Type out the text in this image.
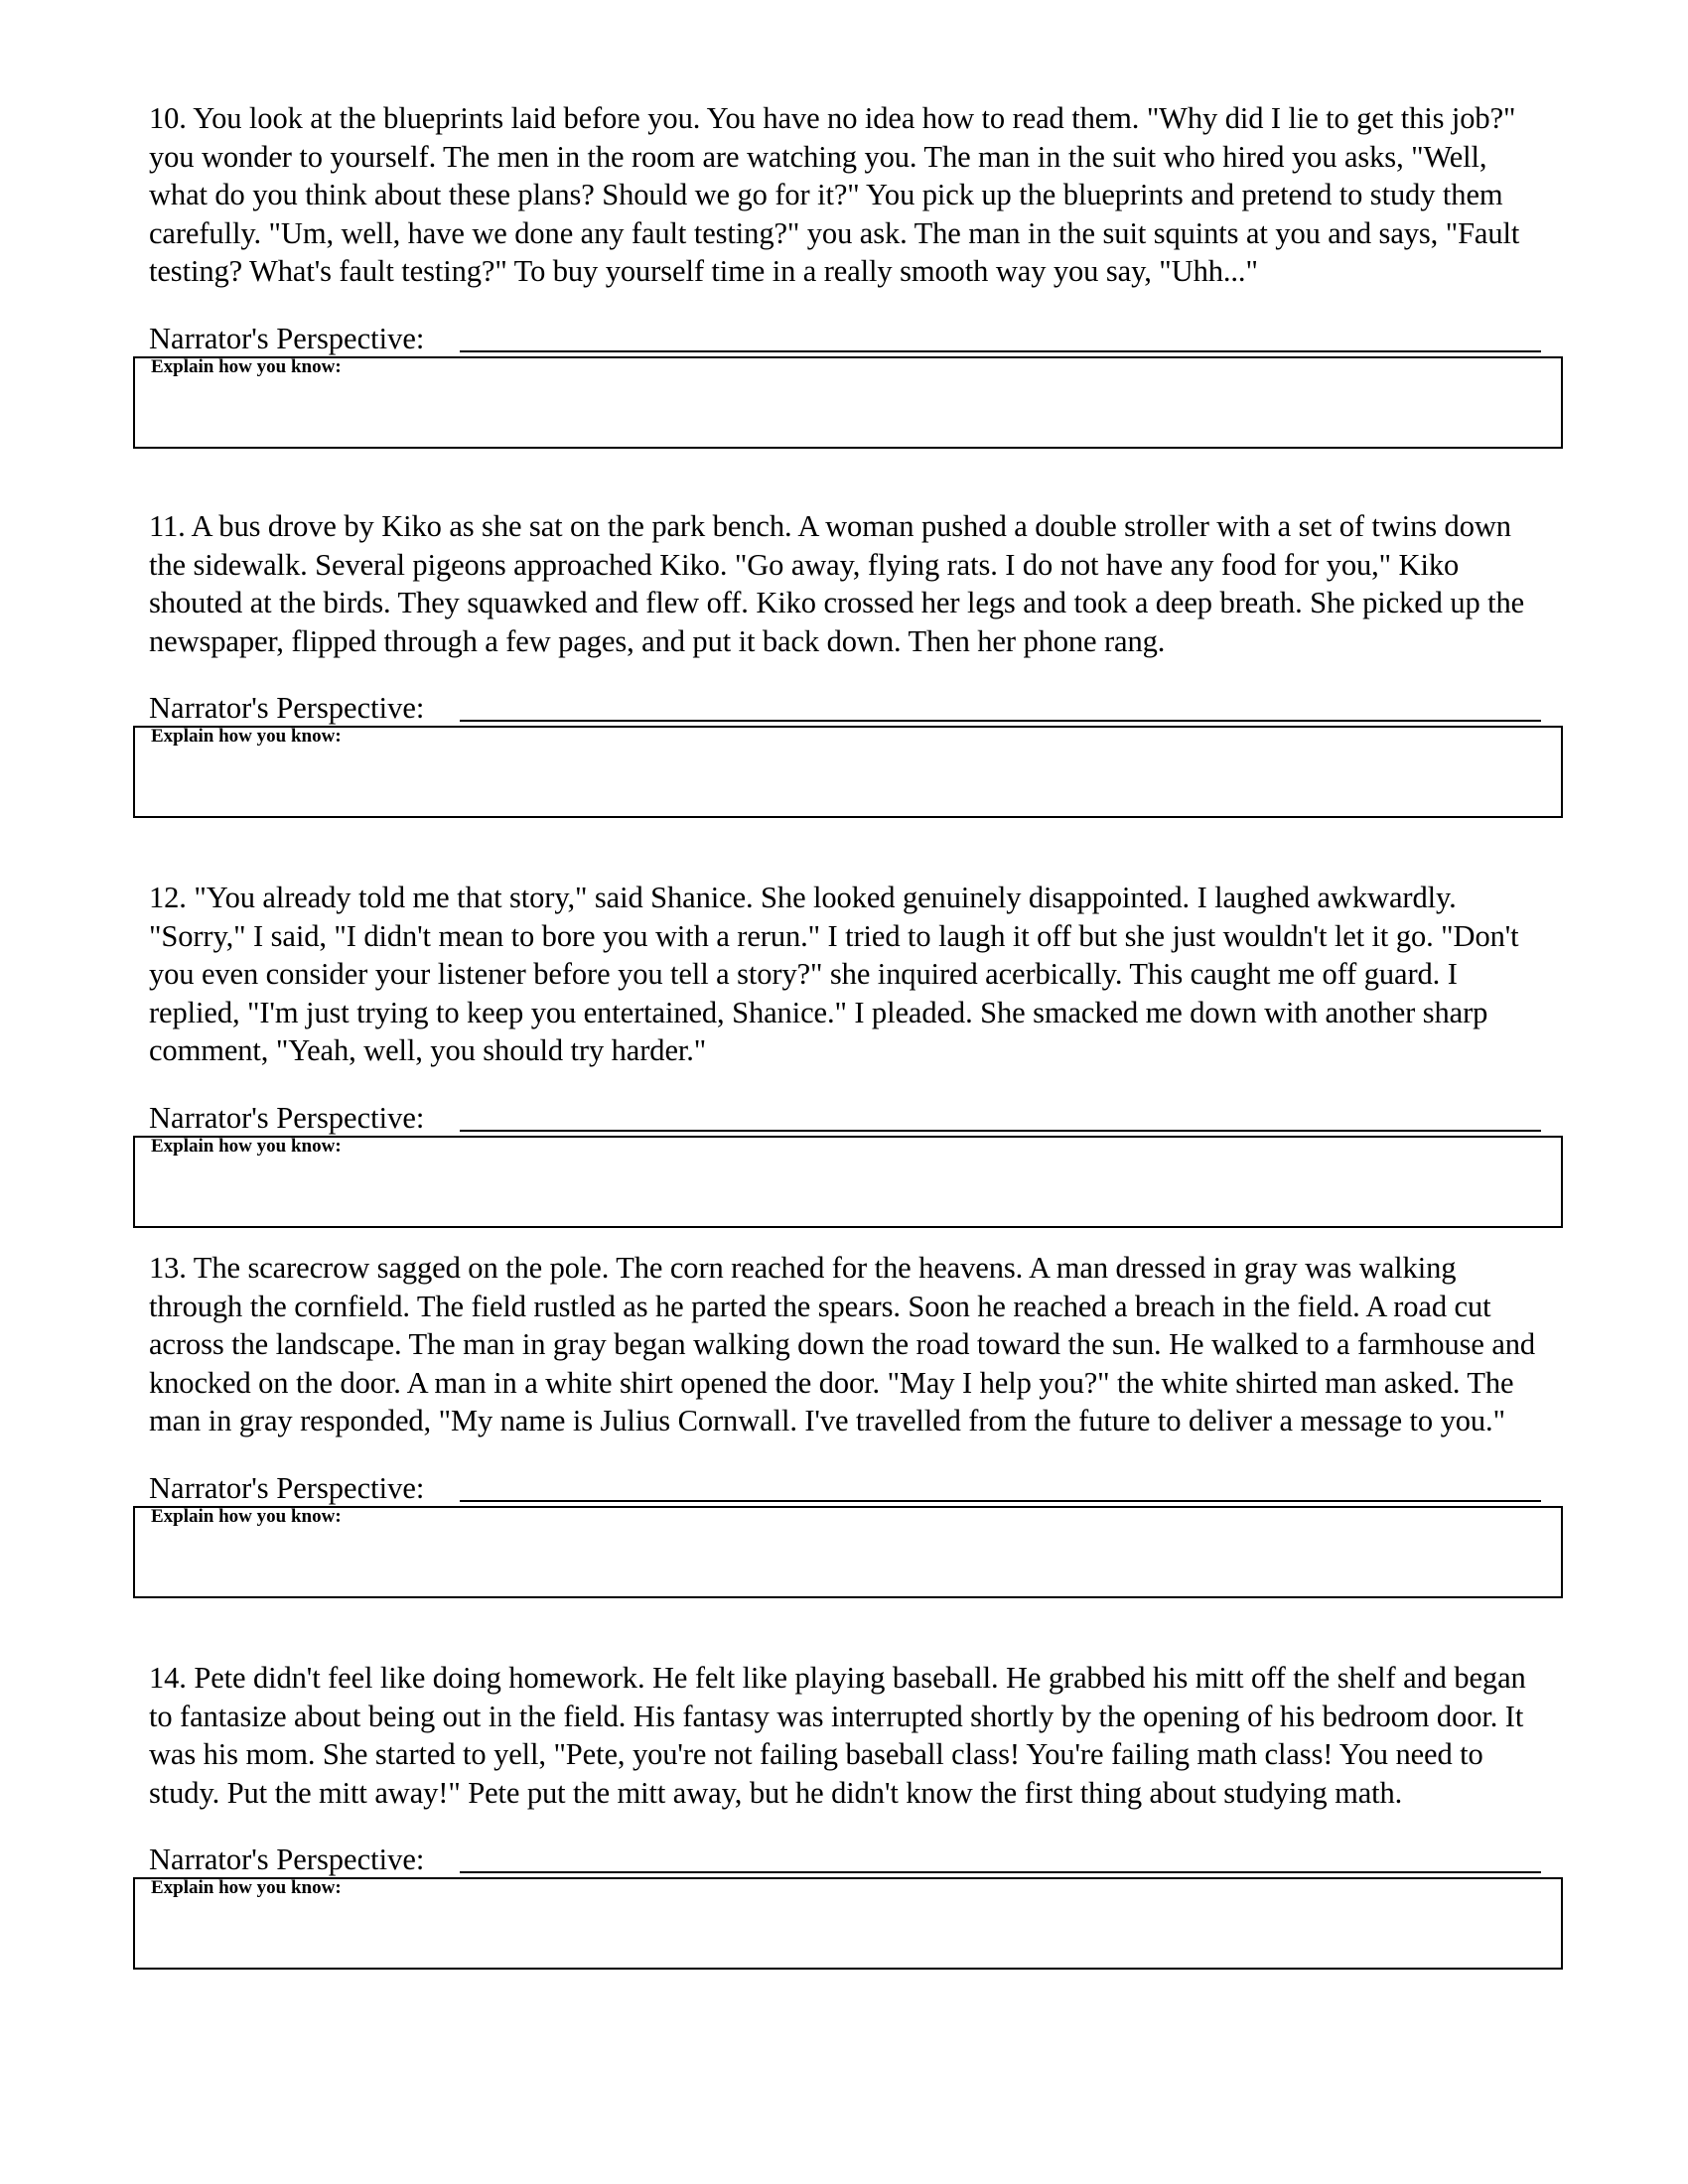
10. You look at the blueprints laid before you. You have no idea how to read them. "Why did I lie to get this job?" you wonder to yourself. The men in the room are watching you. The man in the suit who hired you asks, "Well, what do you think about these plans? Should we go for it?" You pick up the blueprints and pretend to study them carefully. "Um, well, have we done any fault testing?" you ask. The man in the suit squints at you and says, "Fault testing? What's fault testing?" To buy yourself time in a really smooth way you say, "Uhh..."

Narrator's Perspective:
Explain how you know:

11. A bus drove by Kiko as she sat on the park bench. A woman pushed a double stroller with a set of twins down the sidewalk. Several pigeons approached Kiko. "Go away, flying rats. I do not have any food for you," Kiko shouted at the birds. They squawked and flew off. Kiko crossed her legs and took a deep breath. She picked up the newspaper, flipped through a few pages, and put it back down. Then her phone rang.

Narrator's Perspective:
Explain how you know:

12. "You already told me that story," said Shanice. She looked genuinely disappointed. I laughed awkwardly. "Sorry," I said, "I didn't mean to bore you with a rerun." I tried to laugh it off but she just wouldn't let it go. "Don't you even consider your listener before you tell a story?" she inquired acerbically. This caught me off guard. I replied, "I'm just trying to keep you entertained, Shanice." I pleaded. She smacked me down with another sharp comment, "Yeah, well, you should try harder."

Narrator's Perspective:
Explain how you know:

13. The scarecrow sagged on the pole. The corn reached for the heavens. A man dressed in gray was walking through the cornfield. The field rustled as he parted the spears. Soon he reached a breach in the field. A road cut across the landscape. The man in gray began walking down the road toward the sun. He walked to a farmhouse and knocked on the door. A man in a white shirt opened the door. "May I help you?" the white shirted man asked. The man in gray responded, "My name is Julius Cornwall. I've travelled from the future to deliver a message to you."

Narrator's Perspective:
Explain how you know:

14. Pete didn't feel like doing homework. He felt like playing baseball. He grabbed his mitt off the shelf and began to fantasize about being out in the field. His fantasy was interrupted shortly by the opening of his bedroom door. It was his mom. She started to yell, "Pete, you're not failing baseball class! You're failing math class! You need to study. Put the mitt away!" Pete put the mitt away, but he didn't know the first thing about studying math.

Narrator's Perspective:
Explain how you know:
